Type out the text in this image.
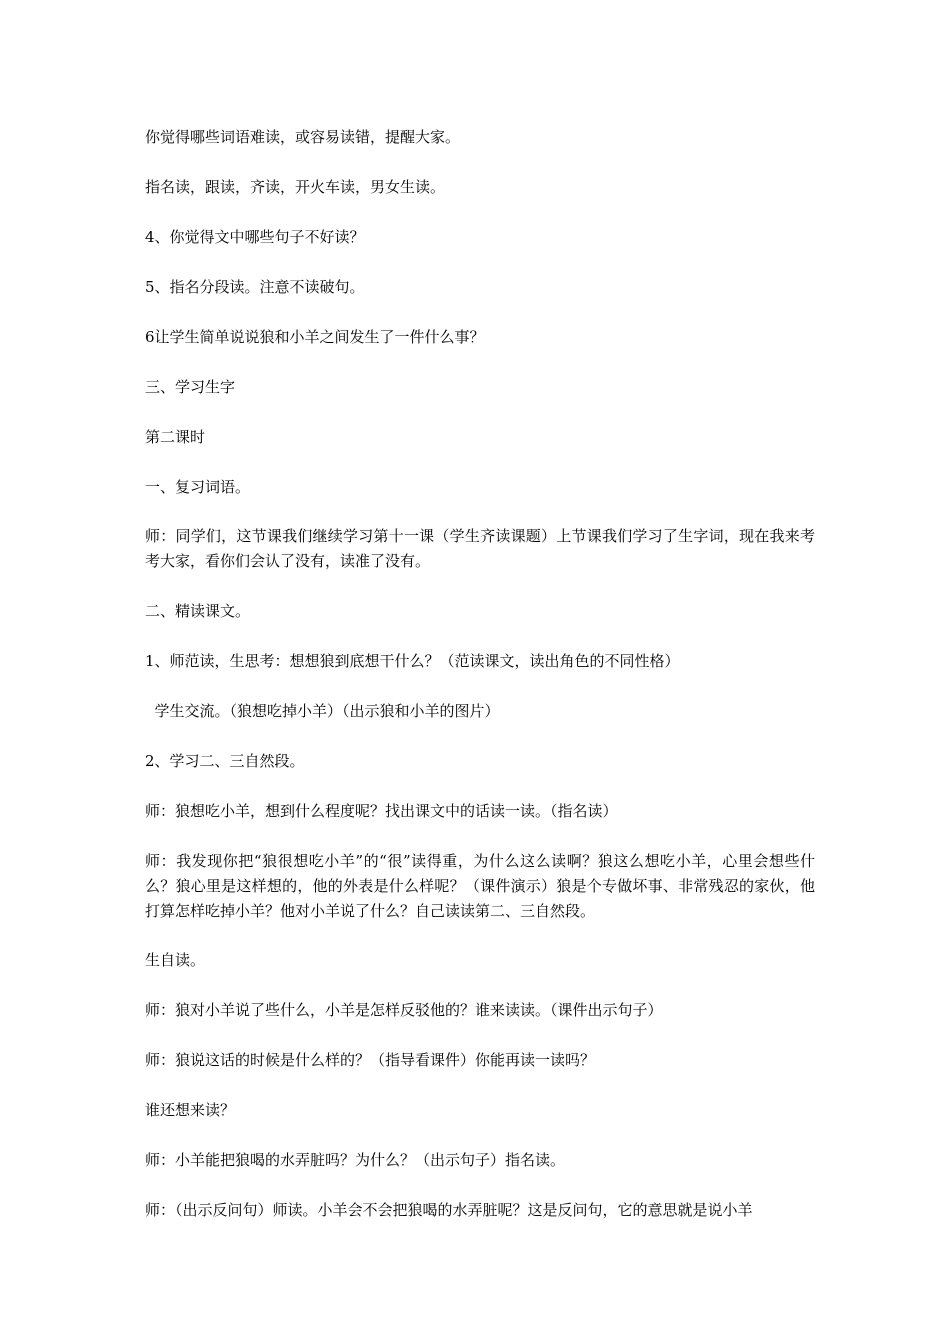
你觉得哪些词语难读，或容易读错，提醒大家。

指名读，跟读，齐读，开火车读，男女生读。

4、你觉得文中哪些句子不好读？

5、指名分段读。注意不读破句。

6让学生简单说说狼和小羊之间发生了一件什么事？

三、学习生字

第二课时

一、复习词语。

师：同学们，这节课我们继续学习第十一课（学生齐读课题）上节课我们学习了生字词，现在我来考考大家，看你们会认了没有，读准了没有。

二、精读课文。

1、师范读，生思考：想想狼到底想干什么？（范读课文，读出角色的不同性格）

学生交流。（狼想吃掉小羊）（出示狼和小羊的图片）

2、学习二、三自然段。

师：狼想吃小羊，想到什么程度呢？找出课文中的话读一读。（指名读）

师：我发现你把“狼很想吃小羊”的“很”读得重，为什么这么读啊？狼这么想吃小羊，心里会想些什么？狼心里是这样想的，他的外表是什么样呢？（课件演示）狼是个专做坏事、非常残忍的家伙，他打算怎样吃掉小羊？他对小羊说了什么？自己读读第二、三自然段。

生自读。

师：狼对小羊说了些什么，小羊是怎样反驳他的？谁来读读。（课件出示句子）

师：狼说这话的时候是什么样的？（指导看课件）你能再读一读吗？

谁还想来读？

师：小羊能把狼喝的水弄脏吗？为什么？（出示句子）指名读。

师：（出示反问句）师读。小羊会不会把狼喝的水弄脏呢？这是反问句，它的意思就是说小羊
